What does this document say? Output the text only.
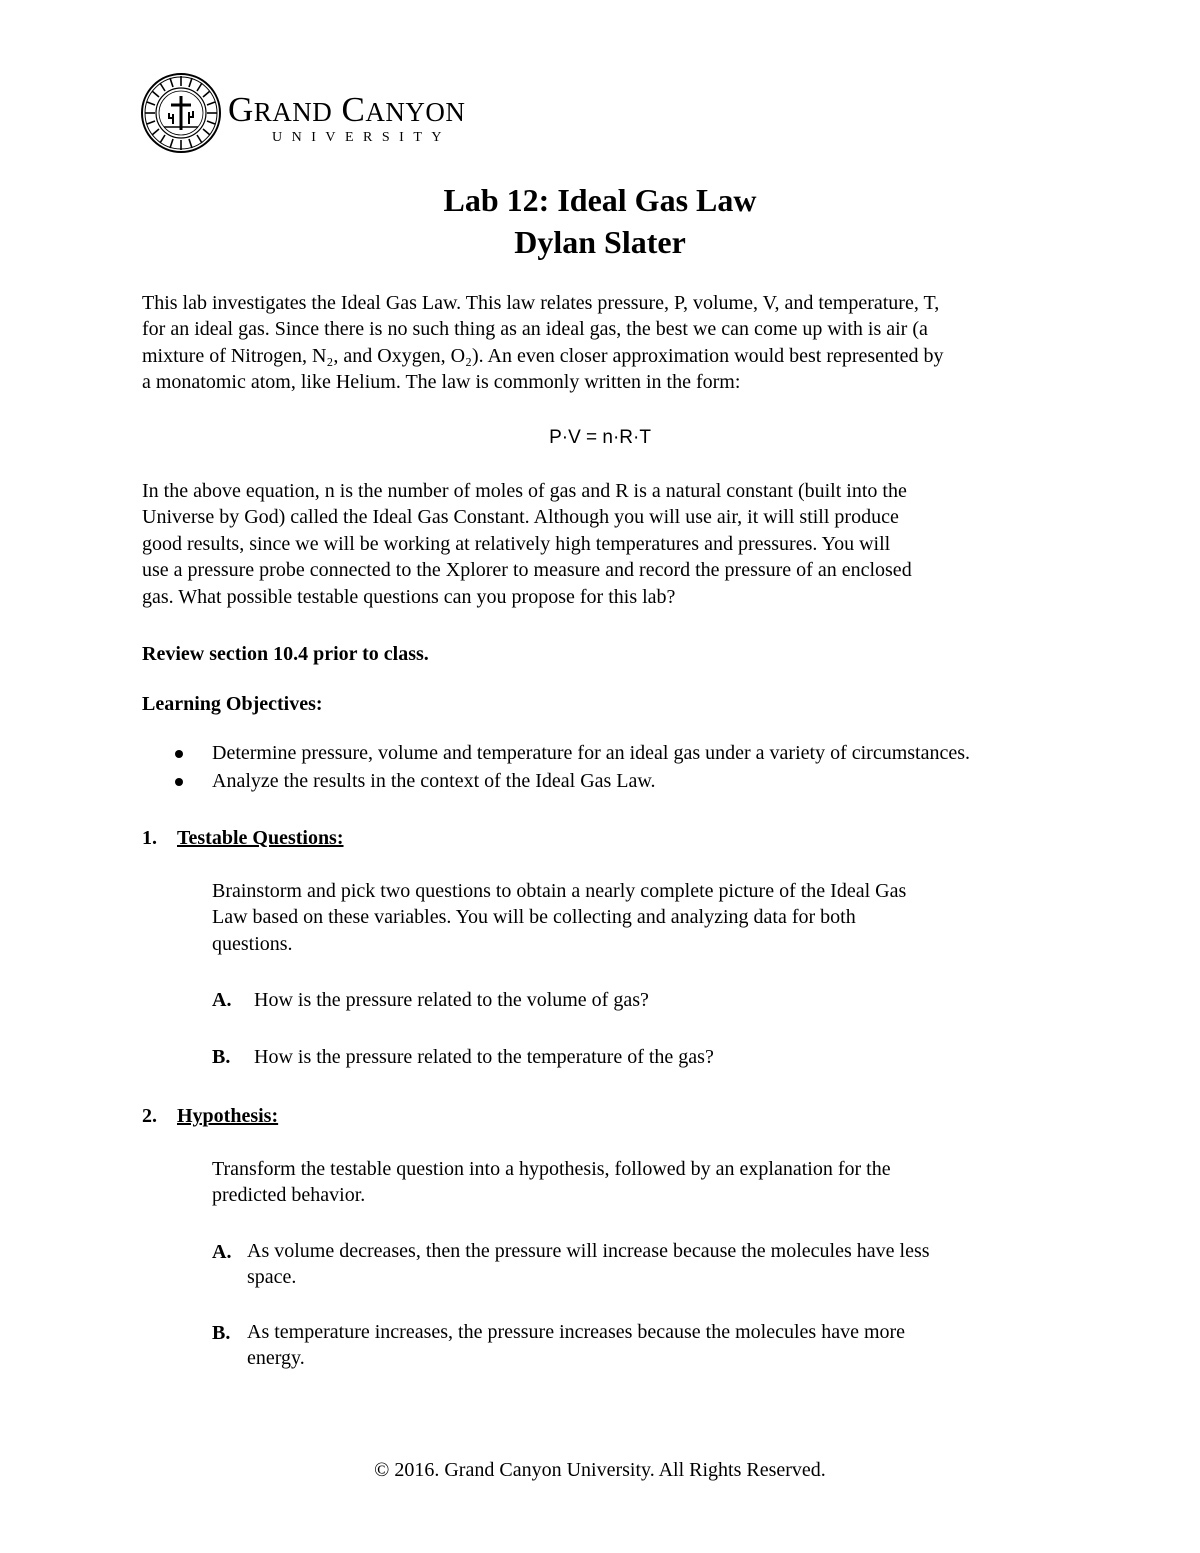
GRAND CANYON
UNIVERSITY
Lab 12: Ideal Gas Law
Dylan Slater
This lab investigates the Ideal Gas Law. This law relates pressure, P, volume, V, and temperature, T,
for an ideal gas. Since there is no such thing as an ideal gas, the best we can come up with is air (a
mixture of Nitrogen, N₂, and Oxygen, O₂). An even closer approximation would best represented by
a monatomic atom, like Helium. The law is commonly written in the form:
P·V = n·R·T
In the above equation, n is the number of moles of gas and R is a natural constant (built into the
Universe by God) called the Ideal Gas Constant. Although you will use air, it will still produce
good results, since we will be working at relatively high temperatures and pressures. You will
use a pressure probe connected to the Xplorer to measure and record the pressure of an enclosed
gas. What possible testable questions can you propose for this lab?
Review section 10.4 prior to class.
Learning Objectives:
Determine pressure, volume and temperature for an ideal gas under a variety of circumstances.
Analyze the results in the context of the Ideal Gas Law.
1. Testable Questions:
Brainstorm and pick two questions to obtain a nearly complete picture of the Ideal Gas
Law based on these variables. You will be collecting and analyzing data for both
questions.
A. How is the pressure related to the volume of gas?
B. How is the pressure related to the temperature of the gas?
2. Hypothesis:
Transform the testable question into a hypothesis, followed by an explanation for the
predicted behavior.
A. As volume decreases, then the pressure will increase because the molecules have less
space.
B. As temperature increases, the pressure increases because the molecules have more
energy.
© 2016. Grand Canyon University. All Rights Reserved.
